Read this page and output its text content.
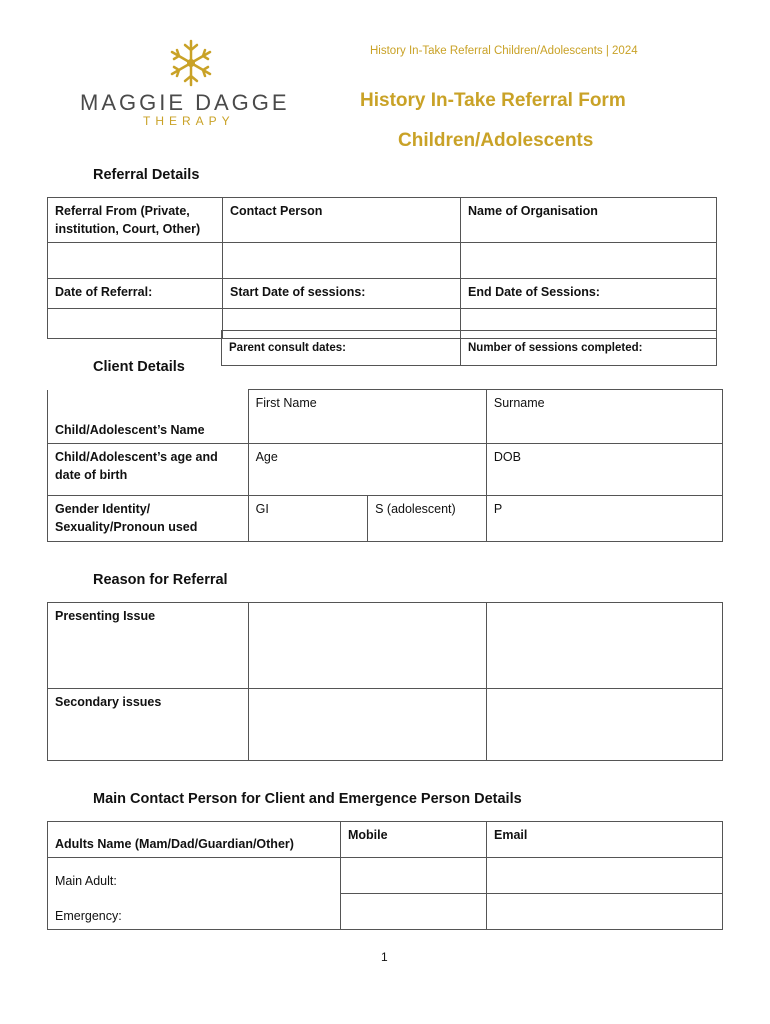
MAGGIE DAGGE
THERAPY
History In-Take Referral Children/Adolescents | 2024
History In-Take Referral Form
Children/Adolescents
Referral Details
Referral From (Private, institution, Court, Other)	Contact Person	Name of Organisation

Date of Referral:	Start Date of sessions:	End Date of Sessions:

Parent consult dates:	Number of sessions completed:
Client Details
Child/Adolescent’s Name	First Name		Surname
Child/Adolescent’s age and date of birth	Age		DOB
Gender Identity/ Sexuality/Pronoun used	GI	S (adolescent)	P
Reason for Referral
Presenting Issue		
Secondary issues		
Main Contact Person for Client and Emergence Person Details
Adults Name (Mam/Dad/Guardian/Other)	Mobile	Email
Main Adult:		
Emergency:		
1
